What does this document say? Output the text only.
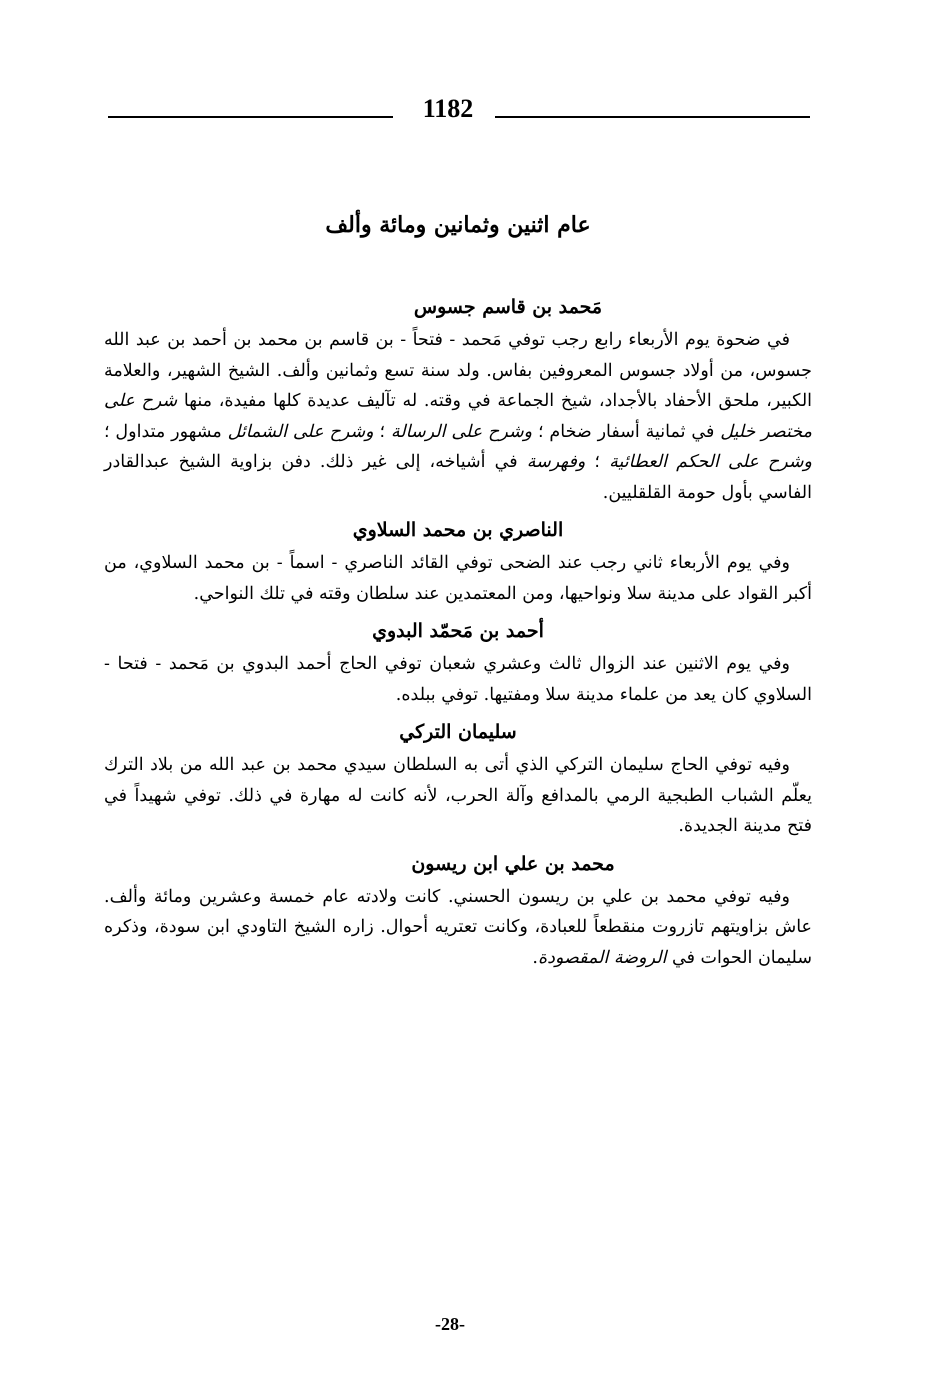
1182
عام اثنين وثمانين ومائة وألف
مَحمد بن قاسم جسوس

في ضحوة يوم الأربعاء رابع رجب توفي مَحمد - فتحاً - بن قاسم بن محمد بن أحمد بن عبد الله جسوس، من أولاد جسوس المعروفين بفاس. ولد سنة تسع وثمانين وألف. الشيخ الشهير، والعلامة الكبير، ملحق الأحفاد بالأجداد، شيخ الجماعة في وقته. له تآليف عديدة كلها مفيدة، منها شرح على مختصر خليل في ثمانية أسفار ضخام ؛ وشرح على الرسالة ؛ وشرح على الشمائل مشهور متداول ؛ وشرح على الحكم العطائية ؛ وفهرسة في أشياخه، إلى غير ذلك. دفن بزاوية الشيخ عبدالقادر الفاسي بأول حومة القلقليين.

الناصري بن محمد السلاوي

وفي يوم الأربعاء ثاني رجب عند الضحى توفي القائد الناصري - اسماً - بن محمد السلاوي، من أكبر القواد على مدينة سلا ونواحيها، ومن المعتمدين عند سلطان وقته في تلك النواحي.

أحمد بن مَحمّد البدوي

وفي يوم الاثنين عند الزوال ثالث وعشري شعبان توفي الحاج أحمد البدوي بن مَحمد - فتحا - السلاوي كان يعد من علماء مدينة سلا ومفتيها. توفي ببلده.

سليمان التركي

وفيه توفي الحاج سليمان التركي الذي أتى به السلطان سيدي محمد بن عبد الله من بلاد الترك يعلّم الشباب الطبجية الرمي بالمدافع وآلة الحرب، لأنه كانت له مهارة في ذلك. توفي شهيداً في فتح مدينة الجديدة.

محمد بن علي ابن ريسون

وفيه توفي محمد بن علي بن ريسون الحسني. كانت ولادته عام خمسة وعشرين ومائة وألف. عاش بزاويتهم تازروت منقطعاً للعبادة، وكانت تعتريه أحوال. زاره الشيخ التاودي ابن سودة، وذكره سليمان الحوات في الروضة المقصودة.

-28-
